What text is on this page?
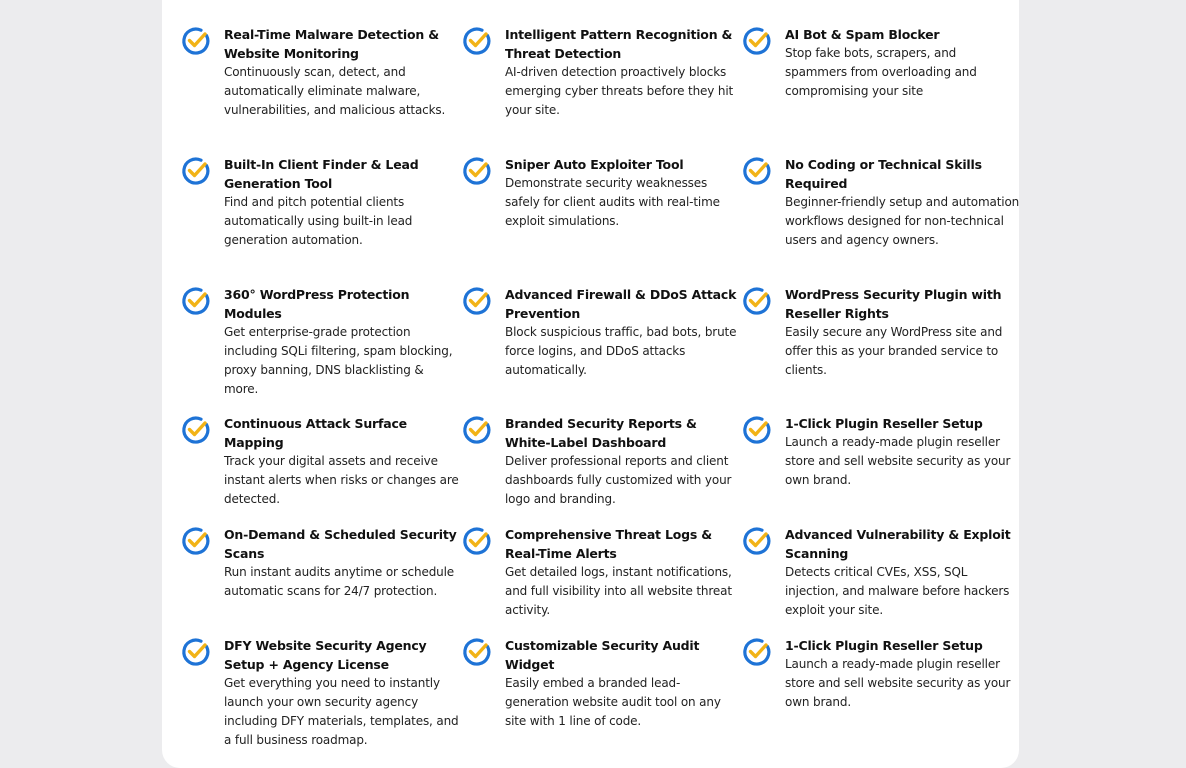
Real-Time Malware Detection & Website Monitoring
Continuously scan, detect, and automatically eliminate malware, vulnerabilities, and malicious attacks.
Intelligent Pattern Recognition & Threat Detection
AI-driven detection proactively blocks emerging cyber threats before they hit your site.
AI Bot & Spam Blocker
Stop fake bots, scrapers, and spammers from overloading and compromising your site
Built-In Client Finder & Lead Generation Tool
Find and pitch potential clients automatically using built-in lead generation automation.
Sniper Auto Exploiter Tool
Demonstrate security weaknesses safely for client audits with real-time exploit simulations.
No Coding or Technical Skills Required
Beginner-friendly setup and automation workflows designed for non-technical users and agency owners.
360° WordPress Protection Modules
Get enterprise-grade protection including SQLi filtering, spam blocking, proxy banning, DNS blacklisting & more.
Advanced Firewall & DDoS Attack Prevention
Block suspicious traffic, bad bots, brute force logins, and DDoS attacks automatically.
WordPress Security Plugin with Reseller Rights
Easily secure any WordPress site and offer this as your branded service to clients.
Continuous Attack Surface Mapping
Track your digital assets and receive instant alerts when risks or changes are detected.
Branded Security Reports & White-Label Dashboard
Deliver professional reports and client dashboards fully customized with your logo and branding.
1-Click Plugin Reseller Setup
Launch a ready-made plugin reseller store and sell website security as your own brand.
On-Demand & Scheduled Security Scans
Run instant audits anytime or schedule automatic scans for 24/7 protection.
Comprehensive Threat Logs & Real-Time Alerts
Get detailed logs, instant notifications, and full visibility into all website threat activity.
Advanced Vulnerability & Exploit Scanning
Detects critical CVEs, XSS, SQL injection, and malware before hackers exploit your site.
DFY Website Security Agency Setup + Agency License
Get everything you need to instantly launch your own security agency including DFY materials, templates, and a full business roadmap.
Customizable Security Audit Widget
Easily embed a branded lead-generation website audit tool on any site with 1 line of code.
1-Click Plugin Reseller Setup
Launch a ready-made plugin reseller store and sell website security as your own brand.
